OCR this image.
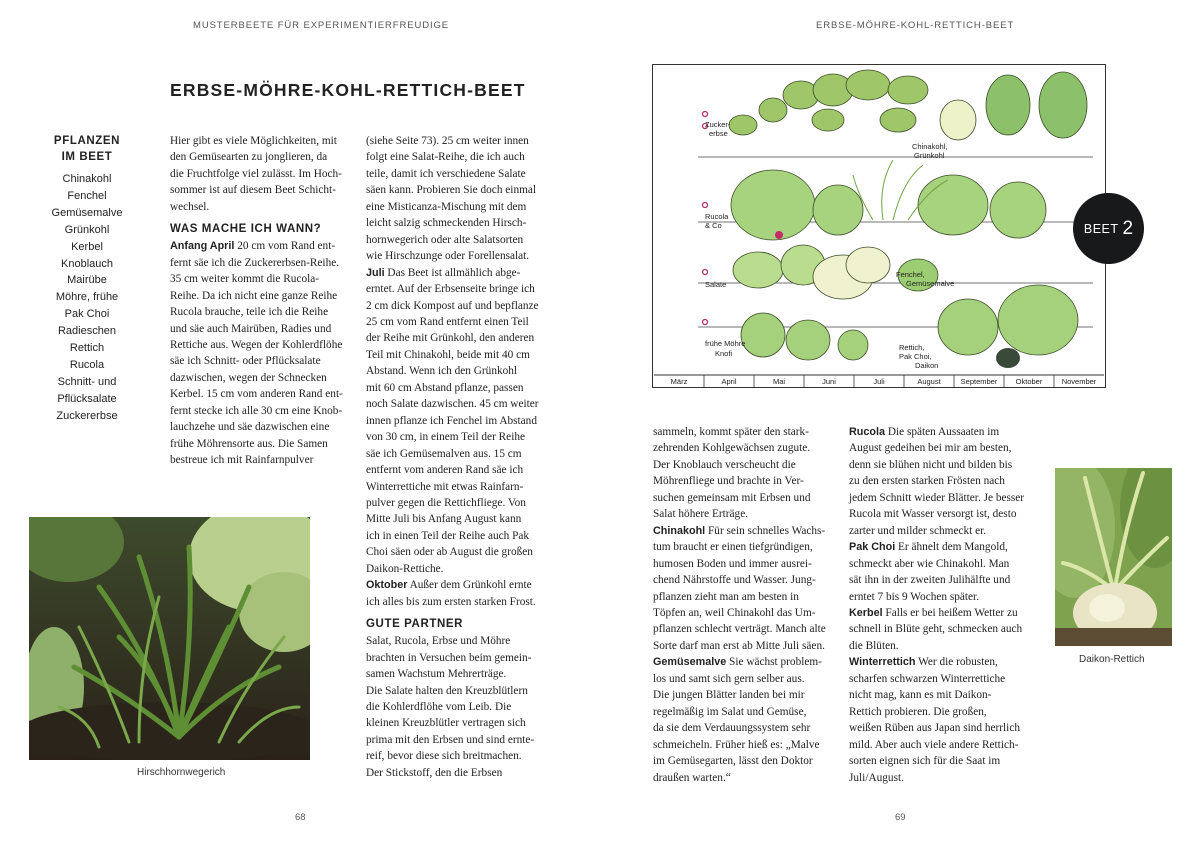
MUSTERBEETE FÜR EXPERIMENTIERFREUDIGE	ERBSE-MÖHRE-KOHL-RETTICH-BEET
ERBSE-MÖHRE-KOHL-RETTICH-BEET
PFLANZEN
IM BEET
Chinakohl
Fenchel
Gemüsemalve
Grünkohl
Kerbel
Knoblauch
Mairübe
Möhre, frühe
Pak Choi
Radieschen
Rettich
Rucola
Schnitt- und
Pflücksalate
Zuckererbse
Hier gibt es viele Möglichkeiten, mit
den Gemüsearten zu jonglieren, da
die Fruchtfolge viel zulässt. Im Hoch-
sommer ist auf diesem Beet Schicht-
wechsel.
WAS MACHE ICH WANN?
Anfang April 20 cm vom Rand ent-
fernt säe ich die Zuckererbsen-Reihe.
35 cm weiter kommt die Rucola-
Reihe. Da ich nicht eine ganze Reihe
Rucola brauche, teile ich die Reihe
und säe auch Mairüben, Radies und
Rettiche aus. Wegen der Kohlerdflöhe
säe ich Schnitt- oder Pflücksalate
dazwischen, wegen der Schnecken
Kerbel. 15 cm vom anderen Rand ent-
fernt stecke ich alle 30 cm eine Knob-
lauchzehe und säe dazwischen eine
frühe Möhrensorte aus. Die Samen
bestreue ich mit Rainfarnpulver
(siehe Seite 73). 25 cm weiter innen
folgt eine Salat-Reihe, die ich auch
teile, damit ich verschiedene Salate
säen kann. Probieren Sie doch einmal
eine Misticanza-Mischung mit dem
leicht salzig schmeckenden Hirsch-
hornwegerich oder alte Salatsorten
wie Hirschzunge oder Forellensalat.
Juli Das Beet ist allmählich abge-
erntet. Auf der Erbsenseite bringe ich
2 cm dick Kompost auf und bepflanze
25 cm vom Rand entfernt einen Teil
der Reihe mit Grünkohl, den anderen
Teil mit Chinakohl, beide mit 40 cm
Abstand. Wenn ich den Grünkohl
mit 60 cm Abstand pflanze, passen
noch Salate dazwischen. 45 cm weiter
innen pflanze ich Fenchel im Abstand
von 30 cm, in einem Teil der Reihe
säe ich Gemüsemalven aus. 15 cm
entfernt vom anderen Rand säe ich
Winterrettiche mit etwas Rainfarn-
pulver gegen die Rettichfliege. Von
Mitte Juli bis Anfang August kann
ich in einen Teil der Reihe auch Pak
Choi säen oder ab August die großen
Daikon-Rettiche.
Oktober Außer dem Grünkohl ernte
ich alles bis zum ersten starken Frost.
GUTE PARTNER
Salat, Rucola, Erbse und Möhre
brachten in Versuchen beim gemein-
samen Wachstum Mehrerträge.
Die Salate halten den Kreuzblütlern
die Kohlerdflöhe vom Leib. Die
kleinen Kreuzblütler vertragen sich
prima mit den Erbsen und sind ernte-
reif, bevor diese sich breitmachen.
Der Stickstoff, den die Erbsen
sammeln, kommt später den stark-
zehrenden Kohlgewächsen zugute.
Der Knoblauch verscheucht die
Möhrenfliege und brachte in Ver-
suchen gemeinsam mit Erbsen und
Salat höhere Erträge.
Chinakohl Für sein schnelles Wachs-
tum braucht er einen tiefgründigen,
humosen Boden und immer ausrei-
chend Nährstoffe und Wasser. Jung-
pflanzen zieht man am besten in
Töpfen an, weil Chinakohl das Um-
pflanzen schlecht verträgt. Manch alte
Sorte darf man erst ab Mitte Juli säen.
Gemüsemalve Sie wächst problem-
los und samt sich gern selber aus.
Die jungen Blätter landen bei mir
regelmäßig im Salat und Gemüse,
da sie dem Verdauungssystem sehr
schmeicheln. Früher hieß es: „Malve
im Gemüsegarten, lässt den Doktor
draußen warten.“
Rucola Die späten Aussaaten im
August gedeihen bei mir am besten,
denn sie blühen nicht und bilden bis
zu den ersten starken Frösten nach
jedem Schnitt wieder Blätter. Je besser
Rucola mit Wasser versorgt ist, desto
zarter und milder schmeckt er.
Pak Choi Er ähnelt dem Mangold,
schmeckt aber wie Chinakohl. Man
sät ihn in der zweiten Julihälfte und
erntet 7 bis 9 Wochen später.
Kerbel Falls er bei heißem Wetter zu
schnell in Blüte geht, schmecken auch
die Blüten.
Winterrettich Wer die robusten,
scharfen schwarzen Winterrettiche
nicht mag, kann es mit Daikon-
Rettich probieren. Die großen,
weißen Rüben aus Japan sind herrlich
mild. Aber auch viele andere Rettich-
sorten eignen sich für die Saat im
Juli/August.
Hirschhornwegerich
Daikon-Rettich
Zucker-erbse
Chinakohl, Grünkohl
Rucola & Co
Salate
Fenchel, Gemüsemalve
frühe Möhre Knofi
Rettich, Pak Choi, Daikon
März	April	Mai	Juni	Juli	August	September Oktober	November
BEET 2
68	69
